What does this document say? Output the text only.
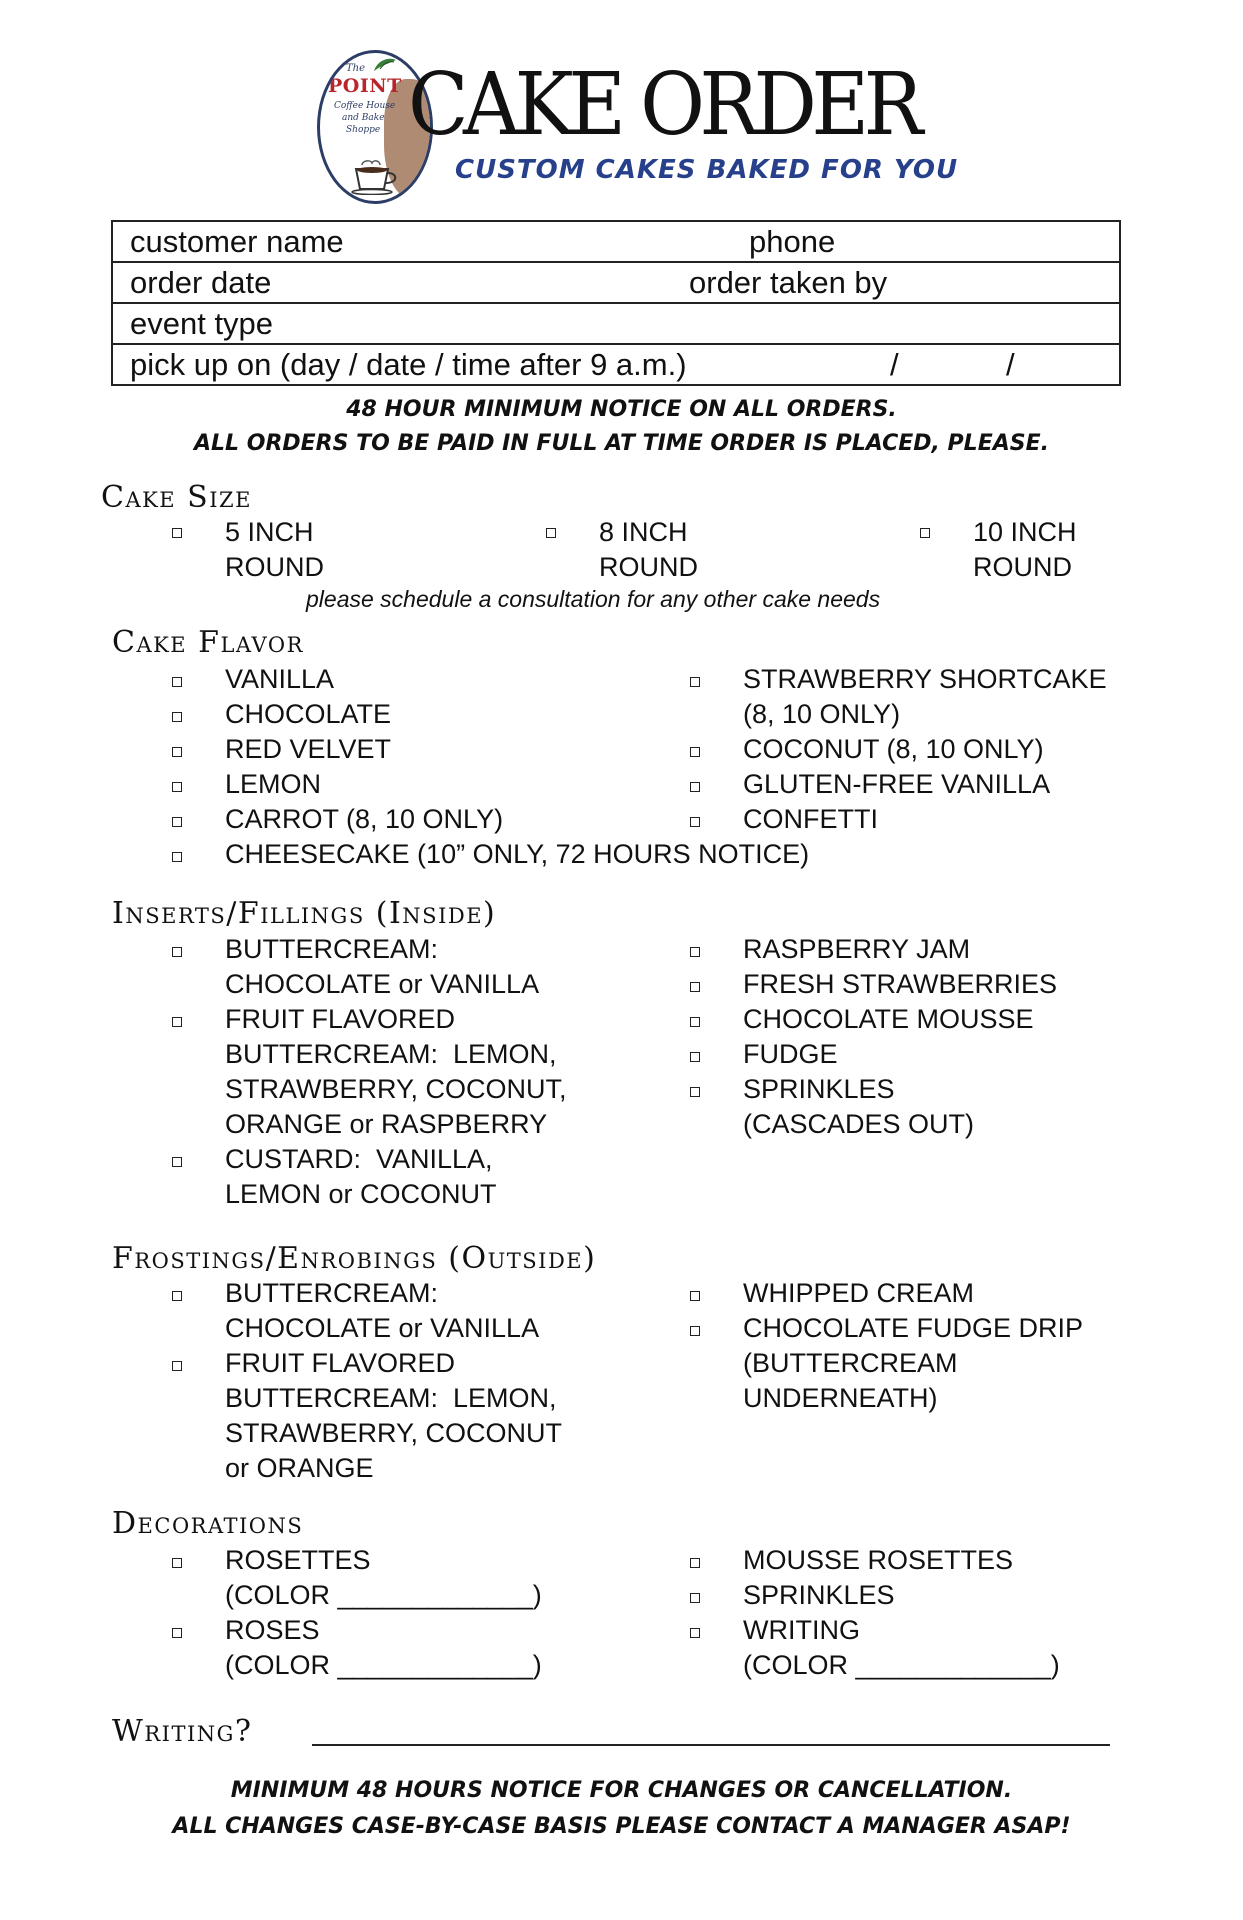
The
POINT
Coffee House
and Bake
Shoppe CAKE ORDER
CUSTOM CAKES BAKED FOR YOU
customer name	phone
order date	order taken by
event type
pick up on (day / date / time after 9 a.m.)	/	/
48 HOUR MINIMUM NOTICE ON ALL ORDERS.
ALL ORDERS TO BE PAID IN FULL AT TIME ORDER IS PLACED, PLEASE.
Cake Size
5 INCH
ROUND
8 INCH
ROUND
10 INCH
ROUND
please schedule a consultation for any other cake needs
Cake Flavor
VANILLA
CHOCOLATE
RED VELVET
LEMON
CARROT (8, 10 ONLY)
CHEESECAKE (10” ONLY, 72 HOURS NOTICE)
STRAWBERRY SHORTCAKE
(8, 10 ONLY)
COCONUT (8, 10 ONLY)
GLUTEN-FREE VANILLA
CONFETTI
Inserts/Fillings (Inside)
BUTTERCREAM:
CHOCOLATE or VANILLA
FRUIT FLAVORED
BUTTERCREAM:  LEMON,
STRAWBERRY, COCONUT,
ORANGE or RASPBERRY
CUSTARD:  VANILLA,
LEMON or COCONUT
RASPBERRY JAM
FRESH STRAWBERRIES
CHOCOLATE MOUSSE
FUDGE
SPRINKLES
(CASCADES OUT)
Frostings/Enrobings (Outside)
BUTTERCREAM:
CHOCOLATE or VANILLA
FRUIT FLAVORED
BUTTERCREAM:  LEMON,
STRAWBERRY, COCONUT
or ORANGE
WHIPPED CREAM
CHOCOLATE FUDGE DRIP
(BUTTERCREAM
UNDERNEATH)
Decorations
ROSETTES
(COLOR _____________)
ROSES
(COLOR _____________)
MOUSSE ROSETTES
SPRINKLES
WRITING
(COLOR _____________)
Writing?
MINIMUM 48 HOURS NOTICE FOR CHANGES OR CANCELLATION.
ALL CHANGES CASE-BY-CASE BASIS PLEASE CONTACT A MANAGER ASAP!
